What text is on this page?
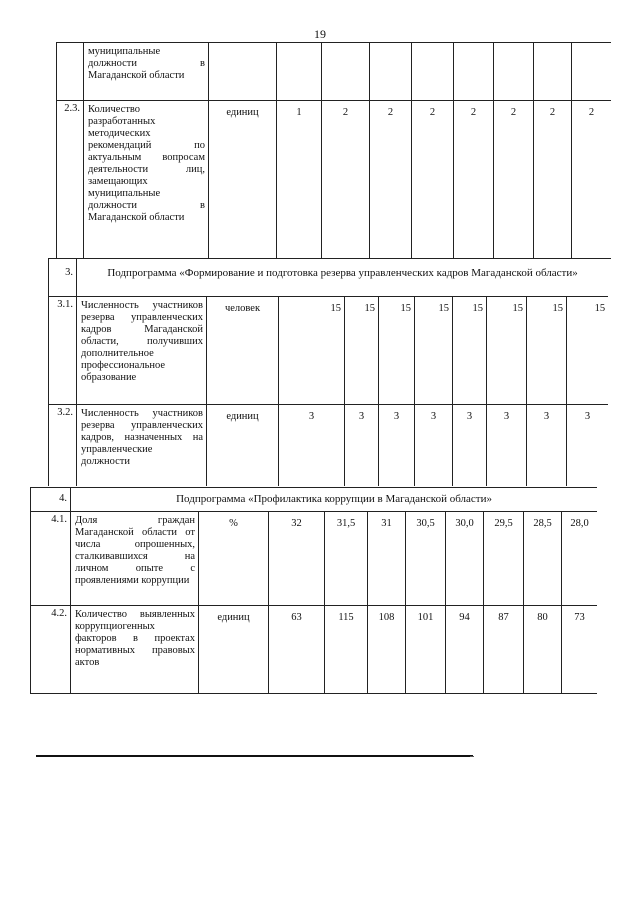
19
	муниципальные должности в Магаданской области									
2.3.	Количество разработанных методических рекомендаций по актуальным вопросам деятельности лиц, замещающих муниципальные должности в Магаданской области	единиц	1	2	2	2	2	2	2	2
3.	Подпрограмма «Формирование и подготовка резерва управленческих кадров Магаданской области»									
3.1.	Численность участников резерва управленческих кадров Магаданской области, получивших дополнительное профессиональное образование	человек	15	15	15	15	15	15	15	15
3.2.	Численность участников резерва управленческих кадров, назначенных на управленческие должности	единиц	3	3	3	3	3	3	3	3
4.	Подпрограмма «Профилактика коррупции в Магаданской области»									
4.1.	Доля граждан Магаданской области от числа опрошенных, сталкивавшихся на личном опыте с проявлениями коррупции	%	32	31,5	31	30,5	30,0	29,5	28,5	28,0
4.2.	Количество выявленных коррупциогенных факторов в проектах нормативных правовых актов	единиц	63	115	108	101	94	87	80	73
